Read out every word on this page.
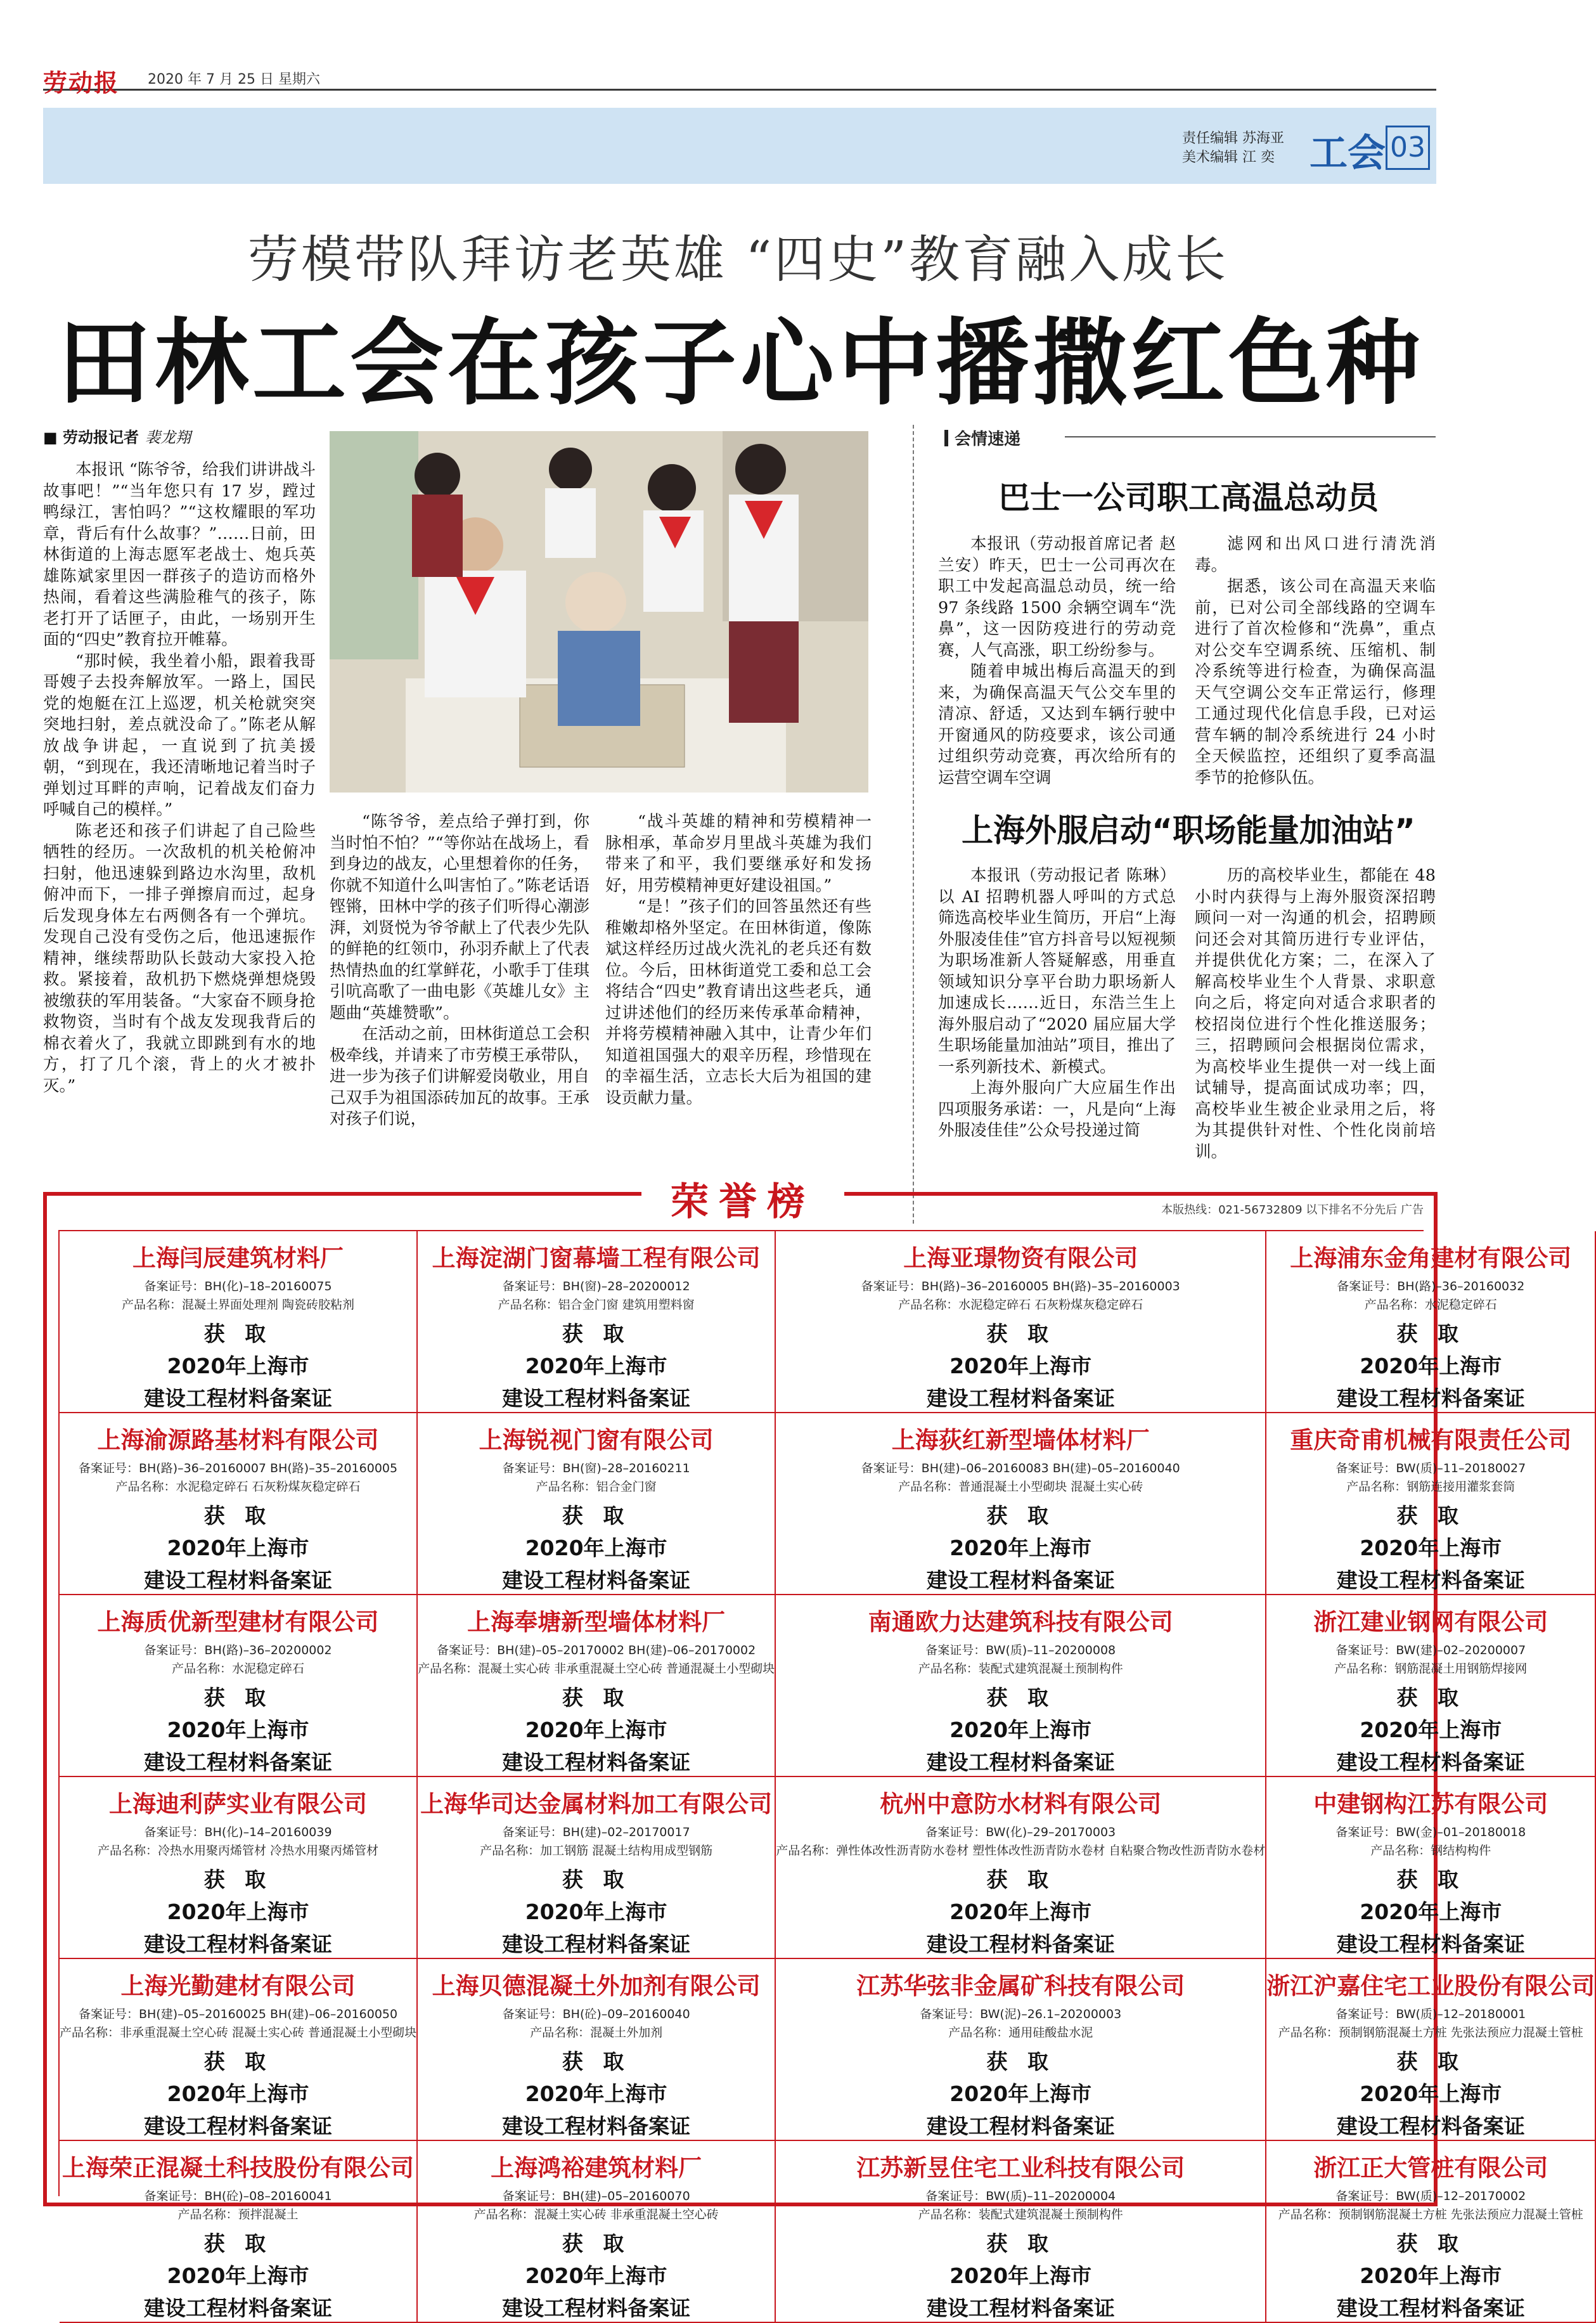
劳动报 2020 年 7 月 25 日 星期六
责任编辑 苏海亚
美术编辑 江 奕 工会 03
劳模带队拜访老英雄 “四史”教育融入成长
田林工会在孩子心中播撒红色种
■ 劳动报记者 裴龙翔

本报讯 “陈爷爷，给我们讲讲战斗故事吧！”“当年您只有 17 岁，蹚过鸭绿江，害怕吗？”“这枚耀眼的军功章，背后有什么故事？”……日前，田林街道的上海志愿军老战士、炮兵英雄陈斌家里因一群孩子的造访而格外热闹，看着这些满脸稚气的孩子，陈老打开了话匣子，由此，一场别开生面的“四史”教育拉开帷幕。

“那时候，我坐着小船，跟着我哥哥嫂子去投奔解放军。一路上，国民党的炮艇在江上巡逻，机关枪就突突突地扫射，差点就没命了。”陈老从解放战争讲起，一直说到了抗美援朝，“到现在，我还清晰地记着当时子弹划过耳畔的声响，记着战友们奋力呼喊自己的模样。”

陈老还和孩子们讲起了自己险些牺牲的经历。一次敌机的机关枪俯冲扫射，他迅速躲到路边水沟里，敌机俯冲而下，一排子弹擦肩而过，起身后发现身体左右两侧各有一个弹坑。发现自己没有受伤之后，他迅速振作精神，继续帮助队长鼓动大家投入抢救。紧接着，敌机扔下燃烧弹想烧毁被缴获的军用装备。“大家奋不顾身抢救物资，当时有个战友发现我背后的棉衣着火了，我就立即跳到有水的地方，打了几个滚，背上的火才被扑灭。”

“陈爷爷，差点给子弹打到，你当时怕不怕？”“等你站在战场上，看到身边的战友，心里想着你的任务，你就不知道什么叫害怕了。”陈老话语铿锵，田林中学的孩子们听得心潮澎湃，刘贤悦为爷爷献上了代表少先队的鲜艳的红领巾，孙羽乔献上了代表热情热血的红掌鲜花，小歌手丁佳琪引吭高歌了一曲电影《英雄儿女》主题曲“英雄赞歌”。

在活动之前，田林街道总工会积极牵线，并请来了市劳模王承带队，进一步为孩子们讲解爱岗敬业，用自己双手为祖国添砖加瓦的故事。王承对孩子们说，

“战斗英雄的精神和劳模精神一脉相承，革命岁月里战斗英雄为我们带来了和平，我们要继承好和发扬好，用劳模精神更好建设祖国。”

“是！”孩子们的回答虽然还有些稚嫩却格外坚定。在田林街道，像陈斌这样经历过战火洗礼的老兵还有数位。今后，田林街道党工委和总工会将结合“四史”教育请出这些老兵，通过讲述他们的经历来传承革命精神，并将劳模精神融入其中，让青少年们知道祖国强大的艰辛历程，珍惜现在的幸福生活，立志长大后为祖国的建设贡献力量。

会情速递
巴士一公司职工高温总动员

本报讯（劳动报首席记者 赵兰安）昨天，巴士一公司再次在职工中发起高温总动员，统一给 97 条线路 1500 余辆空调车“洗鼻”，这一因防疫进行的劳动竞赛，人气高涨，职工纷纷参与。

随着申城出梅后高温天的到来，为确保高温天气公交车里的清凉、舒适，又达到车辆行驶中开窗通风的防疫要求，该公司通过组织劳动竞赛，再次给所有的运营空调车空调

滤网和出风口进行清洗消毒。

据悉，该公司在高温天来临前，已对公司全部线路的空调车进行了首次检修和“洗鼻”，重点对公交车空调系统、压缩机、制冷系统等进行检查，为确保高温天气空调公交车正常运行，修理工通过现代化信息手段，已对运营车辆的制冷系统进行 24 小时全天候监控，还组织了夏季高温季节的抢修队伍。

上海外服启动“职场能量加油站”

本报讯（劳动报记者 陈琳）以 AI 招聘机器人呼叫的方式总筛选高校毕业生简历，开启“上海外服凌佳佳”官方抖音号以短视频为职场准新人答疑解惑，用垂直领域知识分享平台助力职场新人加速成长……近日，东浩兰生上海外服启动了“2020 届应届大学生职场能量加油站”项目，推出了一系列新技术、新模式。

上海外服向广大应届生作出四项服务承诺：一，凡是向“上海外服凌佳佳”公众号投递过简

历的高校毕业生，都能在 48 小时内获得与上海外服资深招聘顾问一对一沟通的机会，招聘顾问还会对其简历进行专业评估，并提供优化方案；二，在深入了解高校毕业生个人背景、求职意向之后，将定向对适合求职者的校招岗位进行个性化推送服务；三，招聘顾问会根据岗位需求，为高校毕业生提供一对一线上面试辅导，提高面试成功率；四，高校毕业生被企业录用之后，将为其提供针对性、个性化岗前培训。

荣誉榜	本版热线：021-56732809 以下排名不分先后 广告
上海闫辰建筑材料厂
备案证号：BH(化)–18–20160075
产品名称：混凝土界面处理剂 陶瓷砖胶粘剂
获 取
2020年上海市
建设工程材料备案证
上海淀湖门窗幕墙工程有限公司
备案证号：BH(窗)–28–20200012
产品名称：铝合金门窗 建筑用塑料窗
获 取
2020年上海市
建设工程材料备案证
上海亚璟物资有限公司
备案证号：BH(路)–36–20160005 BH(路)–35–20160003
产品名称：水泥稳定碎石 石灰粉煤灰稳定碎石
获 取
2020年上海市
建设工程材料备案证
上海浦东金角建材有限公司
备案证号：BH(路)–36–20160032
产品名称：水泥稳定碎石
获 取
2020年上海市
建设工程材料备案证
上海渝源路基材料有限公司
备案证号：BH(路)–36–20160007 BH(路)–35–20160005
产品名称：水泥稳定碎石 石灰粉煤灰稳定碎石
获 取
2020年上海市
建设工程材料备案证
上海锐视门窗有限公司
备案证号：BH(窗)–28–20160211
产品名称：铝合金门窗
获 取
2020年上海市
建设工程材料备案证
上海荻红新型墙体材料厂
备案证号：BH(建)–06–20160083 BH(建)–05–20160040
产品名称：普通混凝土小型砌块 混凝土实心砖
获 取
2020年上海市
建设工程材料备案证
重庆奇甫机械有限责任公司
备案证号：BW(质)–11–20180027
产品名称：钢筋连接用灌浆套筒
获 取
2020年上海市
建设工程材料备案证
上海质优新型建材有限公司
备案证号：BH(路)–36–20200002
产品名称：水泥稳定碎石
获 取
2020年上海市
建设工程材料备案证
上海奉塘新型墙体材料厂
备案证号：BH(建)–05–20170002 BH(建)–06–20170002
产品名称：混凝土实心砖 非承重混凝土空心砖 普通混凝土小型砌块
获 取
2020年上海市
建设工程材料备案证
南通欧力达建筑科技有限公司
备案证号：BW(质)–11–20200008
产品名称：装配式建筑混凝土预制构件
获 取
2020年上海市
建设工程材料备案证
浙江建业钢网有限公司
备案证号：BW(建)–02–20200007
产品名称：钢筋混凝土用钢筋焊接网
获 取
2020年上海市
建设工程材料备案证
上海迪利萨实业有限公司
备案证号：BH(化)–14–20160039
产品名称：冷热水用聚丙烯管材 冷热水用聚丙烯管材
获 取
2020年上海市
建设工程材料备案证
上海华司达金属材料加工有限公司
备案证号：BH(建)–02–20170017
产品名称：加工钢筋 混凝土结构用成型钢筋
获 取
2020年上海市
建设工程材料备案证
杭州中意防水材料有限公司
备案证号：BW(化)–29–20170003
产品名称：弹性体改性沥青防水卷材 塑性体改性沥青防水卷材 自粘聚合物改性沥青防水卷材
获 取
2020年上海市
建设工程材料备案证
中建钢构江苏有限公司
备案证号：BW(金)–01–20180018
产品名称：钢结构构件
获 取
2020年上海市
建设工程材料备案证
上海光勤建材有限公司
备案证号：BH(建)–05–20160025 BH(建)–06–20160050
产品名称：非承重混凝土空心砖 混凝土实心砖 普通混凝土小型砌块
获 取
2020年上海市
建设工程材料备案证
上海贝德混凝土外加剂有限公司
备案证号：BH(砼)–09–20160040
产品名称：混凝土外加剂
获 取
2020年上海市
建设工程材料备案证
江苏华弦非金属矿科技有限公司
备案证号：BW(泥)–26.1–20200003
产品名称：通用硅酸盐水泥
获 取
2020年上海市
建设工程材料备案证
浙江沪嘉住宅工业股份有限公司
备案证号：BW(质)–12–20180001
产品名称：预制钢筋混凝土方桩 先张法预应力混凝土管桩
获 取
2020年上海市
建设工程材料备案证
上海荣正混凝土科技股份有限公司
备案证号：BH(砼)–08–20160041
产品名称：预拌混凝土
获 取
2020年上海市
建设工程材料备案证
上海鸿裕建筑材料厂
备案证号：BH(建)–05–20160070
产品名称：混凝土实心砖 非承重混凝土空心砖
获 取
2020年上海市
建设工程材料备案证
江苏新昱住宅工业科技有限公司
备案证号：BW(质)–11–20200004
产品名称：装配式建筑混凝土预制构件
获 取
2020年上海市
建设工程材料备案证
浙江正大管桩有限公司
备案证号：BW(质)–12–20170002
产品名称：预制钢筋混凝土方桩 先张法预应力混凝土管桩
获 取
2020年上海市
建设工程材料备案证
